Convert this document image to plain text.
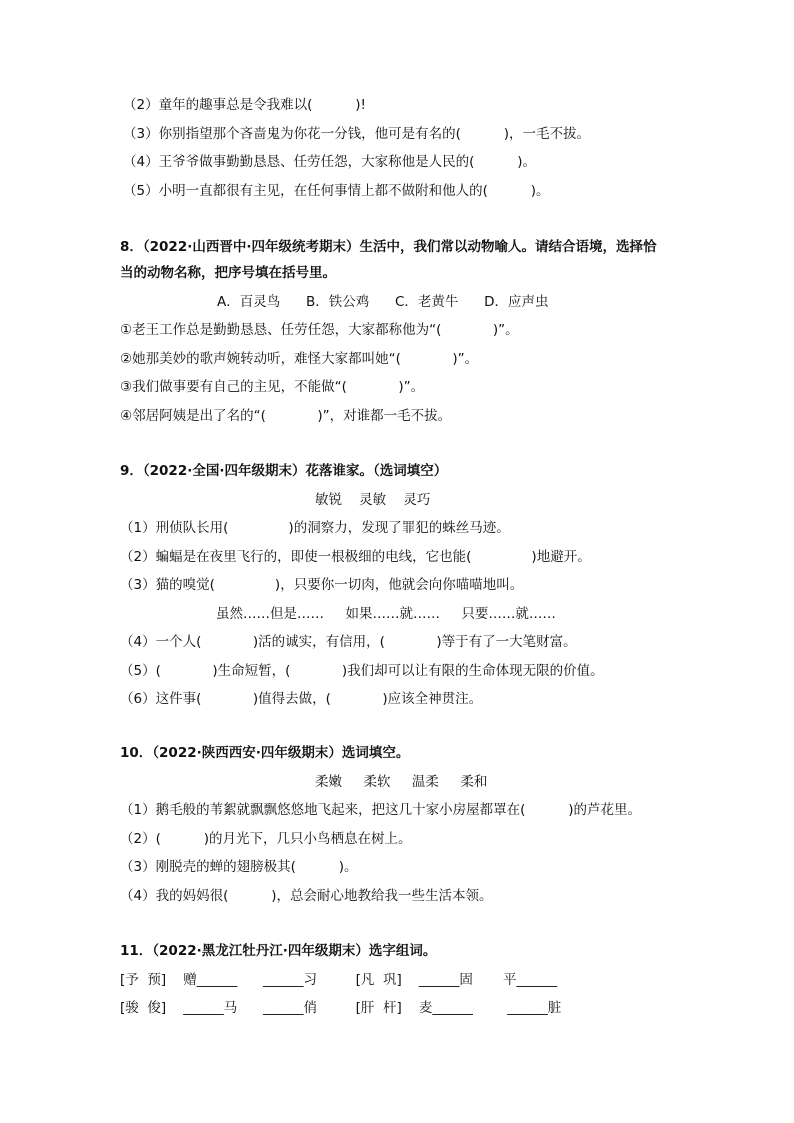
（2）童年的趣事总是令我难以(          )!
（3）你别指望那个吝啬鬼为你花一分钱，他可是有名的(          )，一毛不拔。
（4）王爷爷做事勤勤恳恳、任劳任怨，大家称他是人民的(          )。
（5）小明一直都很有主见，在任何事情上都不做附和他人的(          )。
8．（2022·山西晋中·四年级统考期末）生活中，我们常以动物喻人。请结合语境，选择恰
当的动物名称，把序号填在括号里。
A．百灵鸟      B．铁公鸡      C．老黄牛      D．应声虫
①老王工作总是勤勤恳恳、任劳任怨，大家都称他为“(            )”。
②她那美妙的歌声婉转动听，难怪大家都叫她“(            )”。
③我们做事要有自己的主见，不能做“(            )”。
④邻居阿姨是出了名的“(            )”，对谁都一毛不拔。
9．（2022·全国·四年级期末）花落谁家。（选词填空）
敏锐    灵敏    灵巧
（1）刑侦队长用(              )的洞察力，发现了罪犯的蛛丝马迹。
（2）蝙蝠是在夜里飞行的，即使一根极细的电线，它也能(              )地避开。
（3）猫的嗅觉(              )，只要你一切肉，他就会向你喵喵地叫。
虽然……但是……     如果……就……     只要……就……
（4）一个人(            )活的诚实，有信用，(            )等于有了一大笔财富。
（5）(            )生命短暂，(            )我们却可以让有限的生命体现无限的价值。
（6）这件事(            )值得去做，(            )应该全神贯注。
10．（2022·陕西西安·四年级期末）选词填空。
柔嫩     柔软     温柔     柔和
（1）鹅毛般的苇絮就飘飘悠悠地飞起来，把这几十家小房屋都罩在(          )的芦花里。
（2）(          )的月光下，几只小鸟栖息在树上。
（3）刚脱壳的蝉的翅膀极其(          )。
（4）我的妈妈很(          )，总会耐心地教给我一些生活本领。
11．（2022·黑龙江牡丹江·四年级期末）选字组词。
[予  预]    赠______      ______习         [凡  巩]    ______固       平______
[骏  俊]    ______马      ______俏         [肝  杆]    麦______        ______脏
